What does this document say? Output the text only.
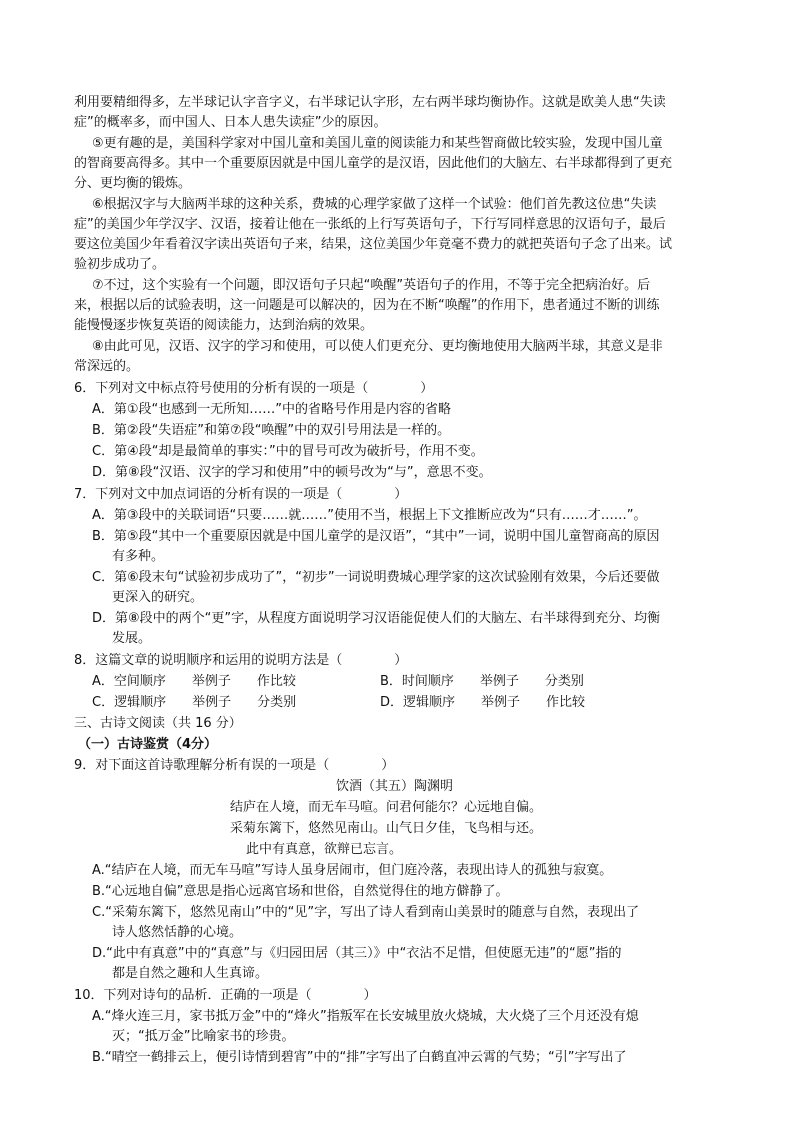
利用要精细得多，左半球记认字音字义，右半球记认字形，左右两半球均衡协作。这就是欧美人患“失读
症”的概率多，而中国人、日本人患失读症”少的原因。
⑤更有趣的是，美国科学家对中国儿童和美国儿童的阅读能力和某些智商做比较实验，发现中国儿童
的智商要高得多。其中一个重要原因就是中国儿童学的是汉语，因此他们的大脑左、右半球都得到了更充
分、更均衡的锻炼。
⑥根据汉字与大脑两半球的这种关系，费城的心理学家做了这样一个试验：他们首先教这位患“失读
症”的美国少年学汉字、汉语，接着让他在一张纸的上行写英语句子，下行写同样意思的汉语句子，最后
要这位美国少年看着汉字读出英语句子来，结果，这位美国少年竟毫不费力的就把英语句子念了出来。试
验初步成功了。
⑦不过，这个实验有一个问题，即汉语句子只起“唤醒”英语句子的作用，不等于完全把病治好。后
来，根据以后的试验表明，这一问题是可以解决的，因为在不断“唤醒”的作用下，患者通过不断的训练
能慢慢逐步恢复英语的阅读能力，达到治病的效果。
⑧由此可见，汉语、汉字的学习和使用，可以使人们更充分、更均衡地使用大脑两半球，其意义是非
常深远的。
6．下列对文中标点符号使用的分析有误的一项是（　　　　）
A．第①段“也感到一无所知……”中的省略号作用是内容的省略
B．第②段“失语症”和第⑦段“唤醒”中的双引号用法是一样的。
C．第④段“却是最简单的事实：”中的冒号可改为破折号，作用不变。
D．第⑧段“汉语、汉字的学习和使用”中的顿号改为“与”，意思不变。
7．下列对文中加点词语的分析有误的一项是（　　　　）
A．第③段中的关联词语“只要……就……”使用不当，根据上下文推断应改为“只有……才……”。
B．第⑤段“其中一个重要原因就是中国儿童学的是汉语”，“其中”一词，说明中国儿童智商高的原因
有多种。
C．第⑥段末句“试验初步成功了”，“初步”一词说明费城心理学家的这次试验刚有效果，今后还要做
更深入的研究。
D．第⑧段中的两个“更”字，从程度方面说明学习汉语能促使人们的大脑左、右半球得到充分、均衡
发展。
8．这篇文章的说明顺序和运用的说明方法是（　　　　）
A．空间顺序　　举例子　　作比较	B．时间顺序　　举例子　　分类别
C．逻辑顺序　　举例子　　分类别	D．逻辑顺序　　举例子　　作比较
三、古诗文阅读（共 16 分）
（一）古诗鉴赏（4分）
9．对下面这首诗歌理解分析有误的一项是（　　　　）
饮酒（其五）陶渊明
结庐在人境，而无车马喧。问君何能尔？心远地自偏。
采菊东篱下，悠然见南山。山气日夕佳，飞鸟相与还。
此中有真意，欲辩已忘言。
A.“结庐在人境，而无车马喧”写诗人虽身居闹市，但门庭冷落，表现出诗人的孤独与寂寞。
B.“心远地自偏”意思是指心远离官场和世俗，自然觉得住的地方僻静了。
C.“采菊东篱下，悠然见南山”中的“见”字，写出了诗人看到南山美景时的随意与自然，表现出了
诗人悠然恬静的心境。
D.“此中有真意”中的“真意”与《归园田居（其三）》中“衣沾不足惜，但使愿无违”的“愿”指的
都是自然之趣和人生真谛。
10．下列对诗句的品析．正确的一项是（　　　　）
A.“烽火连三月，家书抵万金”中的“烽火”指叛军在长安城里放火烧城，大火烧了三个月还没有熄
灭；“抵万金”比喻家书的珍贵。
B.“晴空一鹤排云上，便引诗情到碧宵”中的“排”字写出了白鹤直冲云霄的气势；“引”字写出了
